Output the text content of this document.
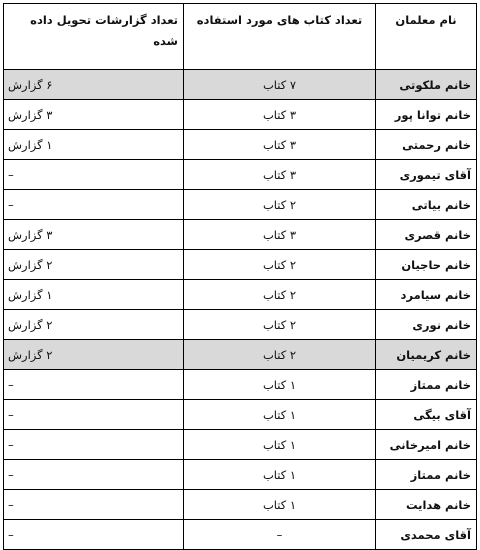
تعداد گزارشات تحویل داده شده	تعداد کتاب های مورد استفاده	نام معلمان
۶ گزارش	۷ کتاب	خانم ملکوتی
۳ گزارش	۳ کتاب	خانم توانا پور
۱ گزارش	۳ کتاب	خانم رحمتی
–	۳ کتاب	آقای تیموری
–	۲ کتاب	خانم بیاتی
۳ گزارش	۳ کتاب	خانم قصری
۲ گزارش	۲ کتاب	خانم حاجیان
۱ گزارش	۲ کتاب	خانم سیامرد
۲ گزارش	۲ کتاب	خانم نوری
۲ گزارش	۲ کتاب	خانم کریمیان
–	۱ کتاب	خانم ممتاز
–	۱ کتاب	آقای بیگی
–	۱ کتاب	خانم امیرخانی
–	۱ کتاب	خانم ممتاز
–	۱ کتاب	خانم هدایت
–	–	آقای محمدی
